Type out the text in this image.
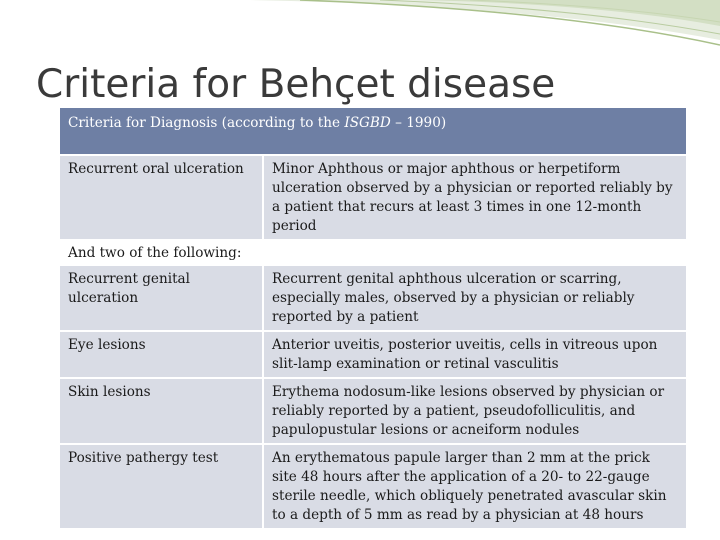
Criteria for Behçet disease
Criteria for Diagnosis (according to the ISGBD – 1990)	
Recurrent oral ulceration	Minor Aphthous or major aphthous or herpetiform ulceration observed by a physician or reported reliably by a patient that recurs at least 3 times in one 12-month period
And two of the following:	
Recurrent genital ulceration	Recurrent genital aphthous ulceration or scarring, especially males, observed by a physician or reliably reported by a patient
Eye lesions	Anterior uveitis, posterior uveitis, cells in vitreous upon slit-lamp examination or retinal vasculitis
Skin lesions	Erythema nodosum-like lesions observed by physician or reliably reported by a patient, pseudofolliculitis, and papulopustular lesions or acneiform nodules
Positive pathergy test	An erythematous papule larger than 2 mm at the prick site 48 hours after the application of a 20- to 22-gauge sterile needle, which obliquely penetrated avascular skin to a depth of 5 mm as read by a physician at 48 hours
